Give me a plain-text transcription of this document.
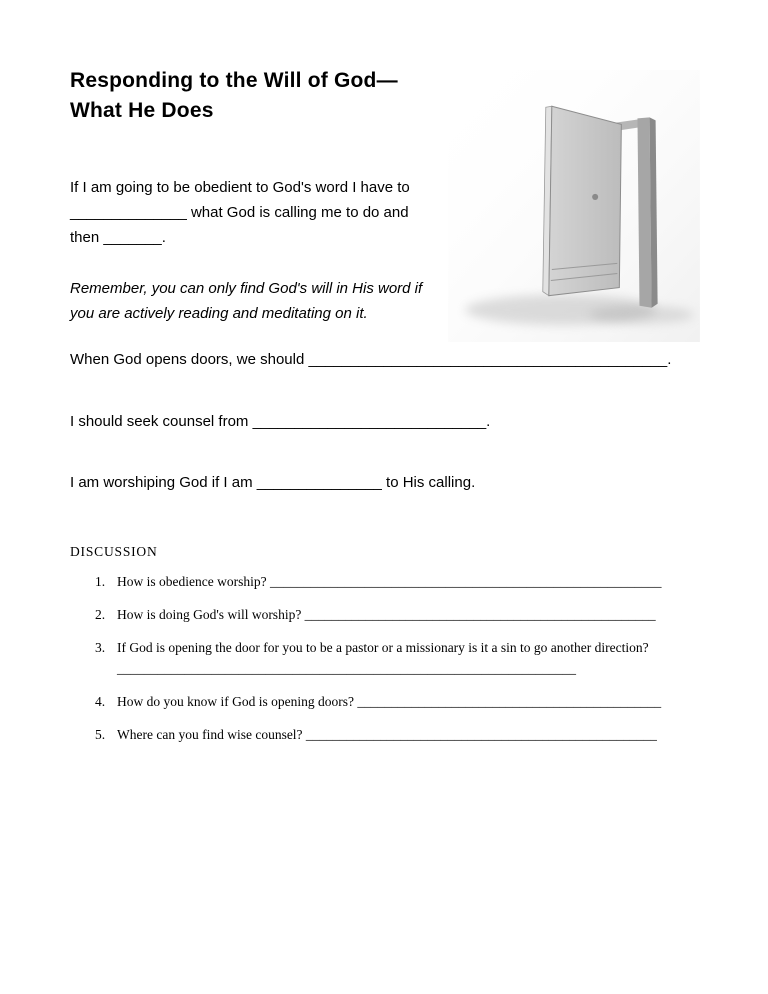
Responding to the Will of God—
What He Does

If I am going to be obedient to God's word I have to ______________ what God is calling me to do and then _______.

Remember, you can only find God's will in His word if you are actively reading and meditating on it.

When God opens doors, we should ___________________________________________.

I should seek counsel from ____________________________.

I am worshiping God if I am _______________ to His calling.

DISCUSSION
1. How is obedience worship? __________________________________________________________
2. How is doing God's will worship? ____________________________________________________
3. If God is opening the door for you to be a pastor or a missionary is it a sin to go another direction? ____________________________________________________________________
4. How do you know if God is opening doors? _____________________________________________
5. Where can you find wise counsel? ____________________________________________________
